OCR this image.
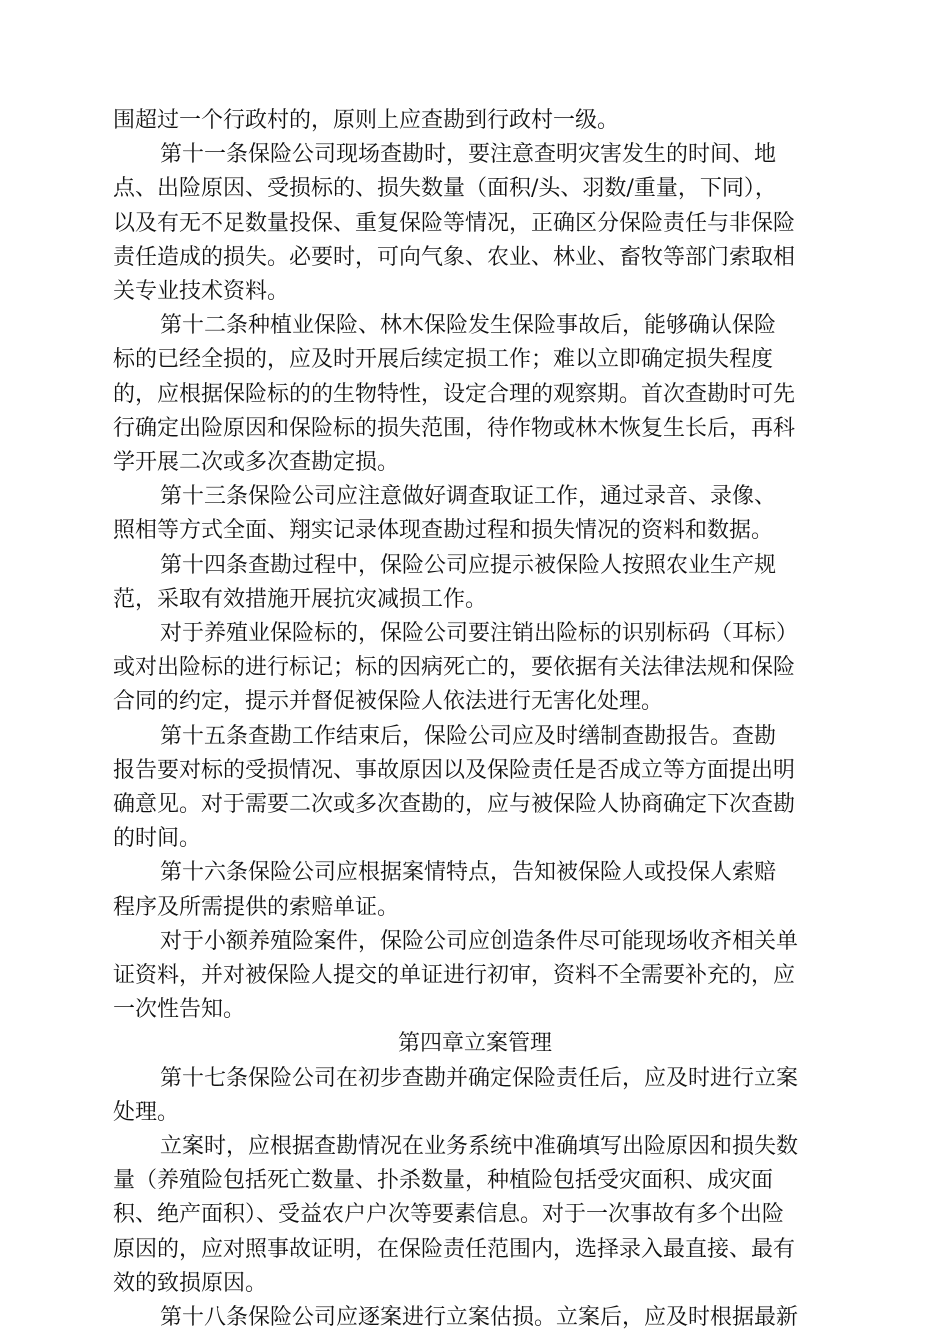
围超过一个行政村的，原则上应查勘到行政村一级。
第十一条保险公司现场查勘时，要注意查明灾害发生的时间、地
点、出险原因、受损标的、损失数量（面积/头、羽数/重量，下同），
以及有无不足数量投保、重复保险等情况，正确区分保险责任与非保险
责任造成的损失。必要时，可向气象、农业、林业、畜牧等部门索取相
关专业技术资料。
第十二条种植业保险、林木保险发生保险事故后，能够确认保险
标的已经全损的，应及时开展后续定损工作；难以立即确定损失程度
的，应根据保险标的的生物特性，设定合理的观察期。首次查勘时可先
行确定出险原因和保险标的损失范围，待作物或林木恢复生长后，再科
学开展二次或多次查勘定损。
第十三条保险公司应注意做好调查取证工作，通过录音、录像、
照相等方式全面、翔实记录体现查勘过程和损失情况的资料和数据。
第十四条查勘过程中，保险公司应提示被保险人按照农业生产规
范，采取有效措施开展抗灾减损工作。
对于养殖业保险标的，保险公司要注销出险标的识别标码（耳标）
或对出险标的进行标记；标的因病死亡的，要依据有关法律法规和保险
合同的约定，提示并督促被保险人依法进行无害化处理。
第十五条查勘工作结束后，保险公司应及时缮制查勘报告。查勘
报告要对标的受损情况、事故原因以及保险责任是否成立等方面提出明
确意见。对于需要二次或多次查勘的，应与被保险人协商确定下次查勘
的时间。
第十六条保险公司应根据案情特点，告知被保险人或投保人索赔
程序及所需提供的索赔单证。
对于小额养殖险案件，保险公司应创造条件尽可能现场收齐相关单
证资料，并对被保险人提交的单证进行初审，资料不全需要补充的，应
一次性告知。
第四章立案管理
第十七条保险公司在初步查勘并确定保险责任后，应及时进行立案
处理。
立案时，应根据查勘情况在业务系统中准确填写出险原因和损失数
量（养殖险包括死亡数量、扑杀数量，种植险包括受灾面积、成灾面
积、绝产面积）、受益农户户次等要素信息。对于一次事故有多个出险
原因的，应对照事故证明，在保险责任范围内，选择录入最直接、最有
效的致损原因。
第十八条保险公司应逐案进行立案估损。立案后，应及时根据最新
